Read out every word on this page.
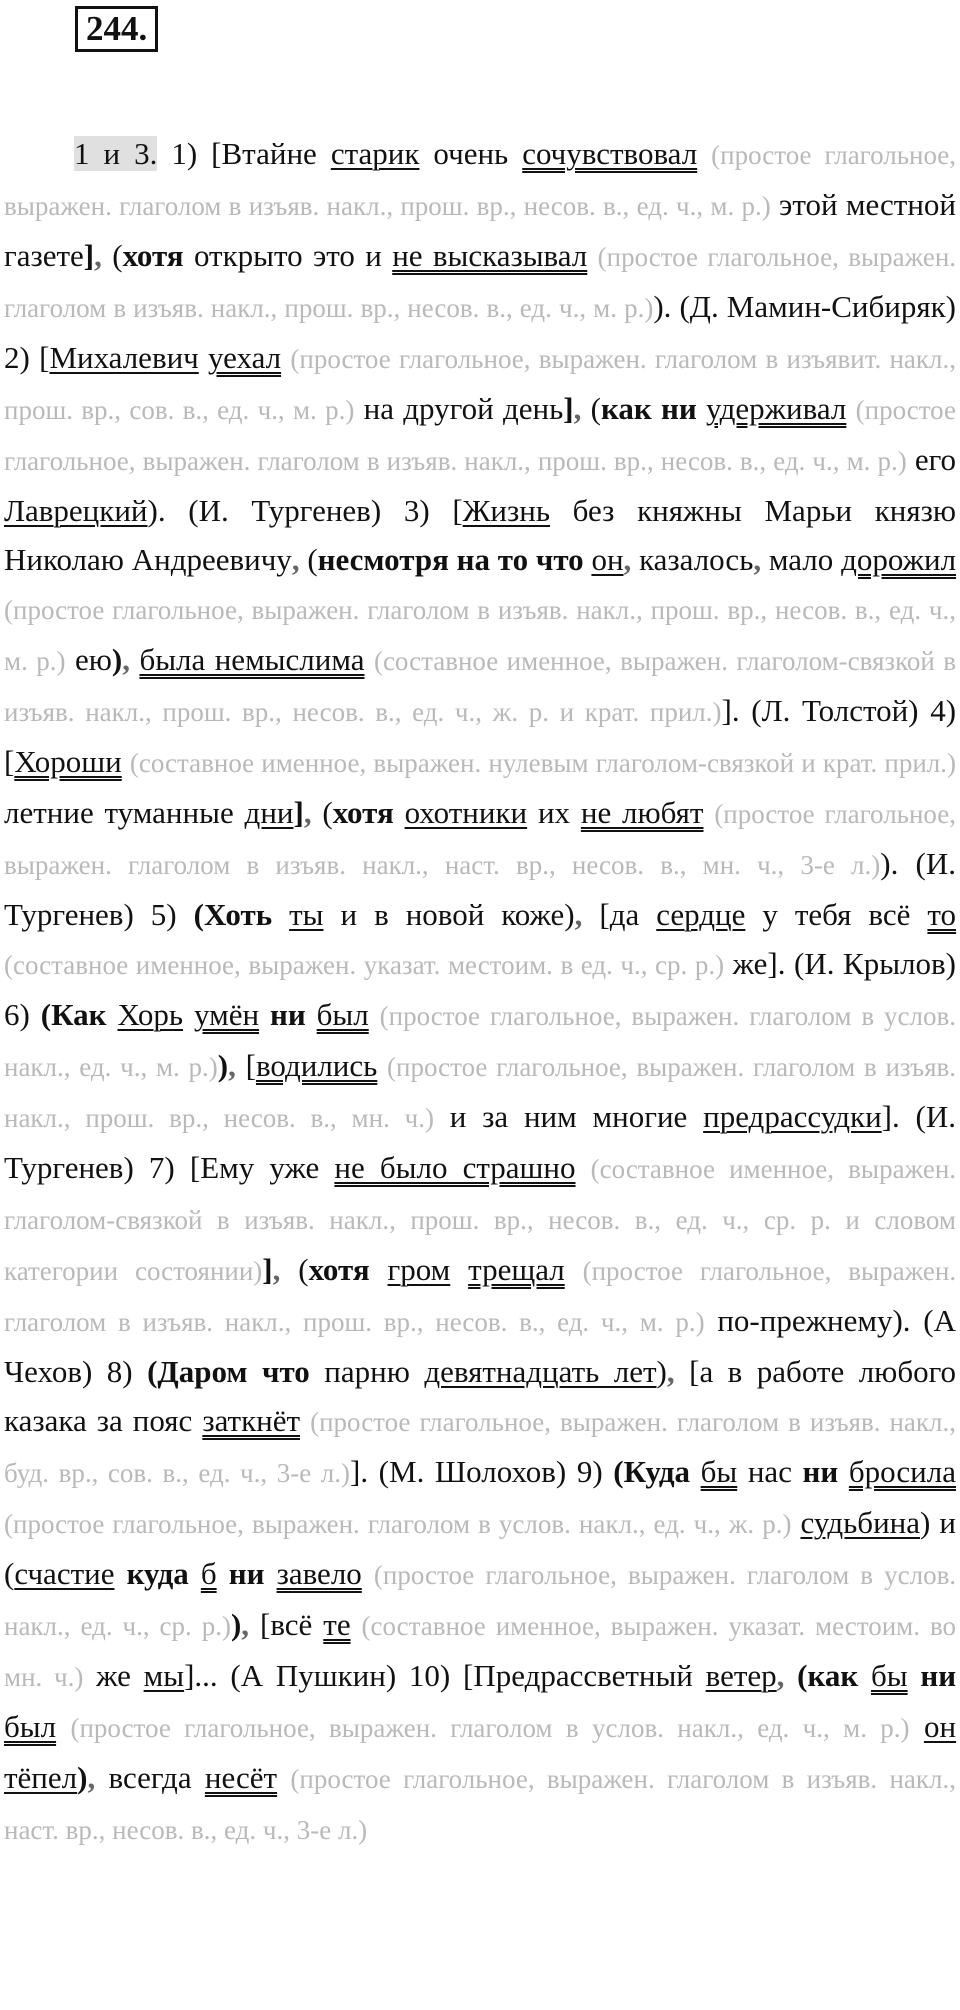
244.

1 и 3. 1) [Втайне старик очень сочувствовал (простое глагольное, выражен. глаголом в изъяв. накл., прош. вр., несов. в., ед. ч., м. р.) этой местной газете], (хотя открыто это и не высказывал (простое глагольное, выражен. глаголом в изъяв. накл., прош. вр., несов. в., ед. ч., м. р.)). (Д. Мамин-Сибиряк) 2) [Михалевич уехал (простое глагольное, выражен. глаголом в изъявит. накл., прош. вр., сов. в., ед. ч., м. р.) на другой день], (как ни удерживал (простое глагольное, выражен. глаголом в изъяв. накл., прош. вр., несов. в., ед. ч., м. р.) его Лаврецкий). (И. Тургенев) 3) [Жизнь без княжны Марьи князю Николаю Андреевичу, (несмотря на то что он, казалось, мало дорожил (простое глагольное, выражен. глаголом в изъяв. накл., прош. вр., несов. в., ед. ч., м. р.) ею), была немыслима (составное именное, выражен. глаголом-связкой в изъяв. накл., прош. вр., несов. в., ед. ч., ж. р. и крат. прил.)]. (Л. Толстой) 4) [Хороши (составное именное, выражен. нулевым глаголом-связкой и крат. прил.) летние туманные дни], (хотя охотники их не любят (простое глагольное, выражен. глаголом в изъяв. накл., наст. вр., несов. в., мн. ч., 3-е л.)). (И. Тургенев) 5) (Хоть ты и в новой коже), [да сердце у тебя всё то (составное именное, выражен. указат. местоим. в ед. ч., ср. р.) же]. (И. Крылов) 6) (Как Хорь умён ни был (простое глагольное, выражен. глаголом в услов. накл., ед. ч., м. р.)), [водились (простое глагольное, выражен. глаголом в изъяв. накл., прош. вр., несов. в., мн. ч.) и за ним многие предрассудки]. (И. Тургенев) 7) [Ему уже не было страшно (составное именное, выражен. глаголом-связкой в изъяв. накл., прош. вр., несов. в., ед. ч., ср. р. и словом категории состоянии)], (хотя гром трещал (простое глагольное, выражен. глаголом в изъяв. накл., прош. вр., несов. в., ед. ч., м. р.) по-прежнему). (А Чехов) 8) (Даром что парню девятнадцать лет), [а в работе любого казака за пояс заткнёт (простое глагольное, выражен. глаголом в изъяв. накл., буд. вр., сов. в., ед. ч., 3-е л.)]. (М. Шолохов) 9) (Куда бы нас ни бросила (простое глагольное, выражен. глаголом в услов. накл., ед. ч., ж. р.) судьбина) и (счастие куда б ни завело (простое глагольное, выражен. глаголом в услов. накл., ед. ч., ср. р.)), [всё те (составное именное, выражен. указат. местоим. во мн. ч.) же мы]... (А Пушкин) 10) [Предрассветный ветер, (как бы ни был (простое глагольное, выражен. глаголом в услов. накл., ед. ч., м. р.) он тёпел), всегда несёт (простое глагольное, выражен. глаголом в изъяв. накл., наст. вр., несов. в., ед. ч., 3-е л.)
